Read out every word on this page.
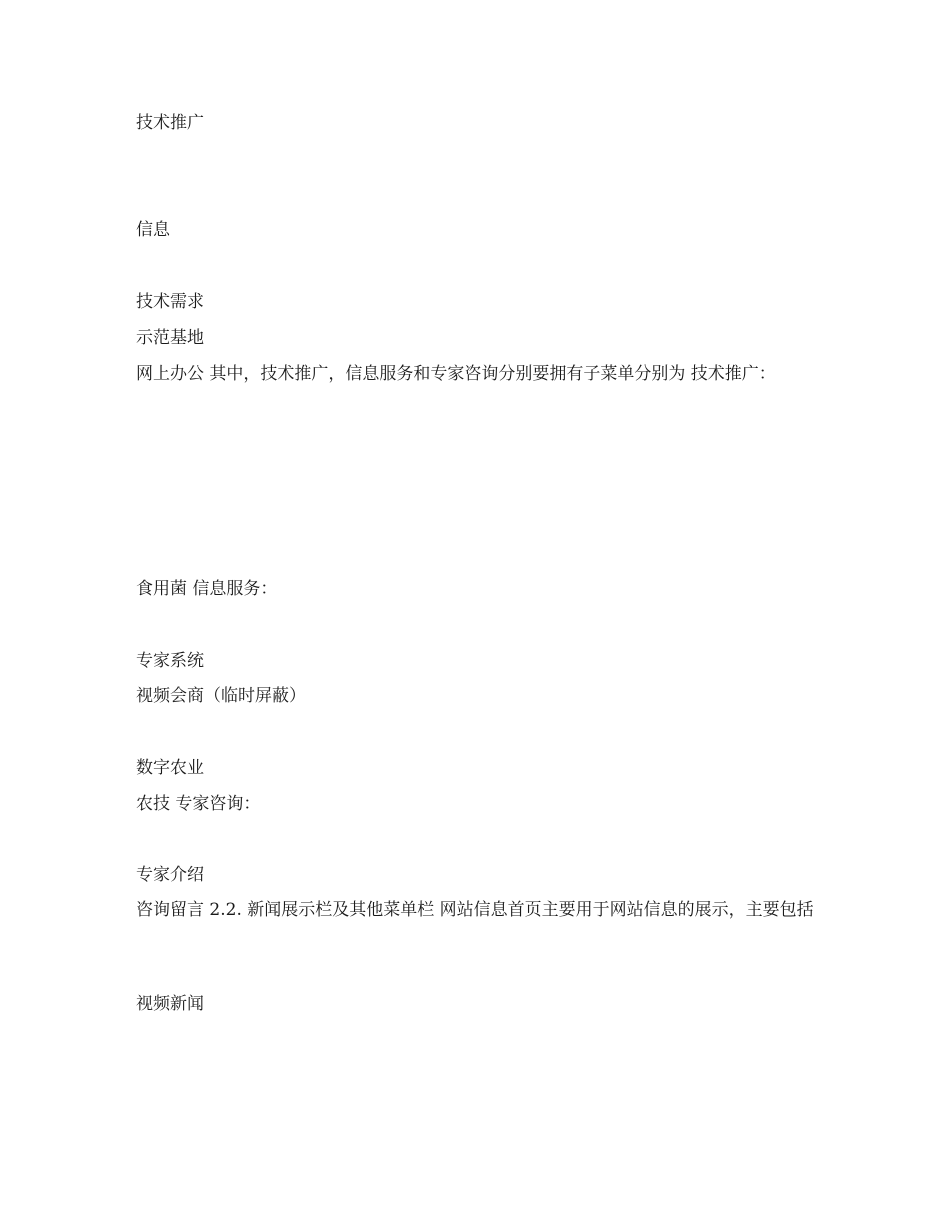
技术推广
信息
技术需求
示范基地
网上办公 其中，技术推广，信息服务和专家咨询分别要拥有子菜单分别为 技术推广：
食用菌 信息服务：
专家系统
视频会商（临时屏蔽）
数字农业
农技 专家咨询：
专家介绍
咨询留言 2.2. 新闻展示栏及其他菜单栏 网站信息首页主要用于网站信息的展示，主要包括
视频新闻
